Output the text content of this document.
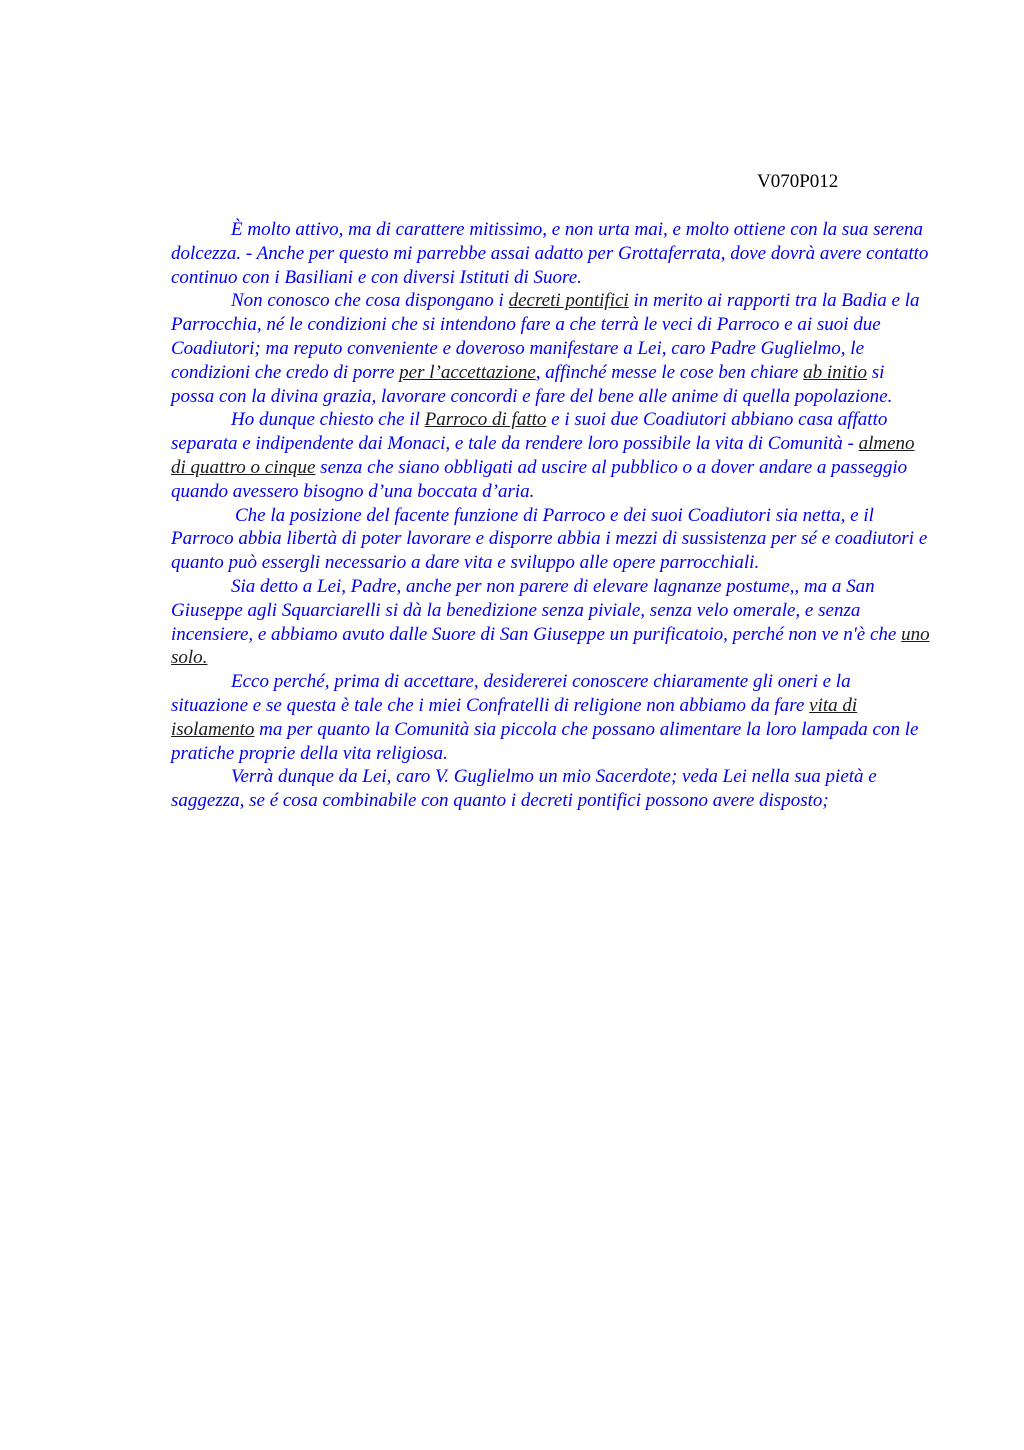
V070P012

È molto attivo, ma di carattere mitissimo, e non urta mai, e molto ottiene con la sua serena dolcezza. - Anche per questo mi parrebbe assai adatto per Grottaferrata, dove dovrà avere contatto continuo con i Basiliani e con diversi Istituti di Suore.

Non conosco che cosa dispongano i decreti pontifici in merito ai rapporti tra la Badia e la Parrocchia, né le condizioni che si intendono fare a che terrà le veci di Parroco e ai suoi due Coadiutori; ma reputo conveniente e doveroso manifestare a Lei, caro Padre Guglielmo, le condizioni che credo di porre per l’accettazione, affinché messe le cose ben chiare ab initio si possa con la divina grazia, lavorare concordi e fare del bene alle anime di quella popolazione.

Ho dunque chiesto che il Parroco di fatto e i suoi due Coadiutori abbiano casa affatto separata e indipendente dai Monaci, e tale da rendere loro possibile la vita di Comunità - almeno di quattro o cinque senza che siano obbligati ad uscire al pubblico o a dover andare a passeggio quando avessero bisogno d’una boccata d’aria.

Che la posizione del facente funzione di Parroco e dei suoi Coadiutori sia netta, e il Parroco abbia libertà di poter lavorare e disporre abbia i mezzi di sussistenza per sé e coadiutori e quanto può essergli necessario a dare vita e sviluppo alle opere parrocchiali.

Sia detto a Lei, Padre, anche per non parere di elevare lagnanze postume,, ma a San Giuseppe agli Squarciarelli si dà la benedizione senza piviale, senza velo omerale, e senza incensiere, e abbiamo avuto dalle Suore di San Giuseppe un purificatoio, perché non ve n'è che uno solo.

Ecco perché, prima di accettare, desidererei conoscere chiaramente gli oneri e la situazione e se questa è tale che i miei Confratelli di religione non abbiamo da fare vita di isolamento ma per quanto la Comunità sia piccola che possano alimentare la loro lampada con le pratiche proprie della vita religiosa.

Verrà dunque da Lei, caro V. Guglielmo un mio Sacerdote; veda Lei nella sua pietà e saggezza, se é cosa combinabile con quanto i decreti pontifici possono avere disposto;
